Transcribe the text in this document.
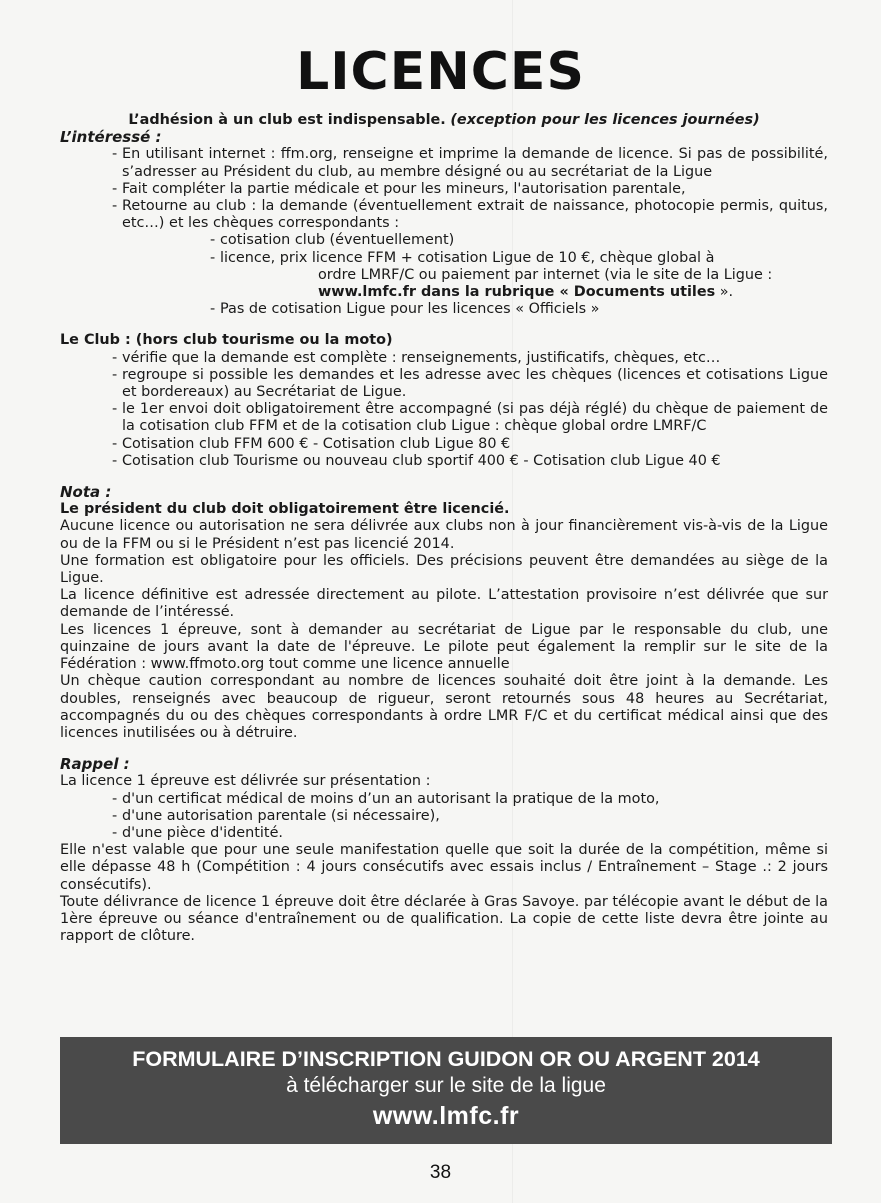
LICENCES

L’adhésion à un club est indispensable. (exception pour les licences journées)

L’intéressé :

- En utilisant internet : ffm.org, renseigne et imprime la demande de licence. Si pas de possibilité, s’adresser au Président du club, au membre désigné ou au secrétariat de la Ligue

- Fait compléter la partie médicale et pour les mineurs, l'autorisation parentale,

- Retourne au club : la demande (éventuellement extrait de naissance, photocopie permis, quitus, etc…) et les chèques correspondants :

- cotisation club (éventuellement)

- licence, prix licence FFM + cotisation Ligue de 10 €, chèque global à

ordre LMRF/C ou paiement par internet (via le site de la Ligue :

www.lmfc.fr dans la rubrique « Documents utiles ».

- Pas de cotisation Ligue pour les licences « Officiels »

Le Club : (hors club tourisme ou la moto)

- vérifie que la demande est complète : renseignements, justificatifs, chèques, etc…

- regroupe si possible les demandes et les adresse avec les chèques (licences et cotisations Ligue et bordereaux) au Secrétariat de Ligue.

- le 1er envoi doit obligatoirement être accompagné (si pas déjà réglé) du chèque de paiement de la cotisation club FFM et de la cotisation club Ligue : chèque global ordre LMRF/C

- Cotisation club FFM 600 € - Cotisation club Ligue 80 €

- Cotisation club Tourisme ou nouveau club sportif 400 € - Cotisation club Ligue 40 €

Nota :

Le président du club doit obligatoirement être licencié.

Aucune licence ou autorisation ne sera délivrée aux clubs non à jour financièrement vis-à-vis de la Ligue ou de la FFM ou si le Président n’est pas licencié 2014.

Une formation est obligatoire pour les officiels. Des précisions peuvent être demandées au siège de la Ligue.

La licence définitive est adressée directement au pilote. L’attestation provisoire n’est délivrée que sur demande de l’intéressé.

Les licences 1 épreuve, sont à demander au secrétariat de Ligue par le responsable du club, une quinzaine de jours avant la date de l'épreuve. Le pilote peut également la remplir sur le site de la Fédération : www.ffmoto.org tout comme une licence annuelle

Un chèque caution correspondant au nombre de licences souhaité doit être joint à la demande. Les doubles, renseignés avec beaucoup de rigueur, seront retournés sous 48 heures au Secrétariat, accompagnés du ou des chèques correspondants à ordre LMR F/C et du certificat médical ainsi que des licences inutilisées ou à détruire.

Rappel :

La licence 1 épreuve est délivrée sur présentation :

- d'un certificat médical de moins d’un an autorisant la pratique de la moto,

- d'une autorisation parentale (si nécessaire),

- d'une pièce d'identité.

Elle n'est valable que pour une seule manifestation quelle que soit la durée de la compétition, même si elle dépasse 48 h (Compétition : 4 jours consécutifs avec essais inclus / Entraînement – Stage .: 2 jours consécutifs).

Toute délivrance de licence 1 épreuve doit être déclarée à Gras Savoye. par télécopie avant le début de la 1ère épreuve ou séance d'entraînement ou de qualification. La copie de cette liste devra être jointe au rapport de clôture.

FORMULAIRE D’INSCRIPTION GUIDON OR OU ARGENT 2014
à télécharger sur le site de la ligue
www.lmfc.fr
38
